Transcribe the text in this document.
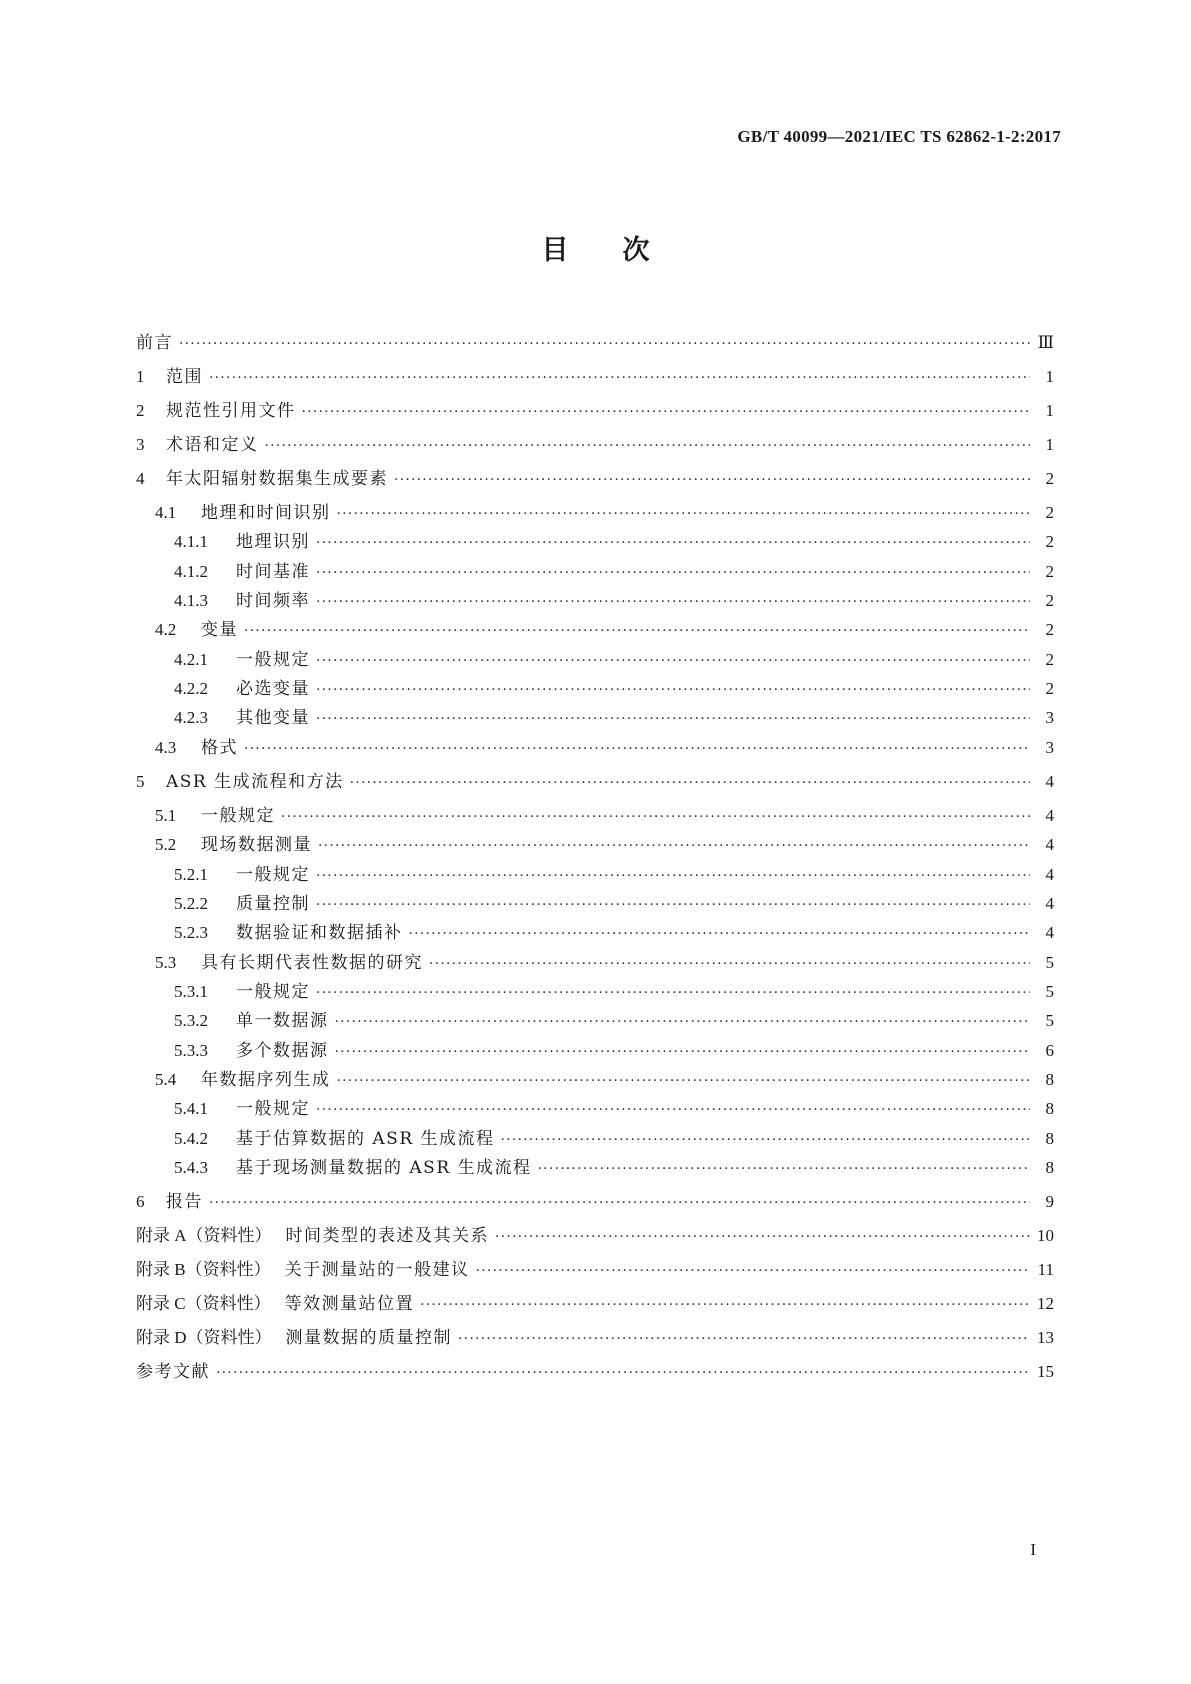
GB/T 40099—2021/IEC TS 62862-1-2:2017
目次
前言 ·····	Ⅲ
1	范围 ·····	1
2	规范性引用文件 ·····	1
3	术语和定义 ·····	1
4	年太阳辐射数据集生成要素 ·····	2
4.1	地理和时间识别 ·····	2
4.1.1	地理识别 ·····	2
4.1.2	时间基准 ·····	2
4.1.3	时间频率 ·····	2
4.2	变量 ·····	2
4.2.1	一般规定 ·····	2
4.2.2	必选变量 ·····	2
4.2.3	其他变量 ·····	3
4.3	格式 ·····	3
5	ASR 生成流程和方法 ·····	4
5.1	一般规定 ·····	4
5.2	现场数据测量 ·····	4
5.2.1	一般规定 ·····	4
5.2.2	质量控制 ·····	4
5.2.3	数据验证和数据插补 ·····	4
5.3	具有长期代表性数据的研究 ·····	5
5.3.1	一般规定 ·····	5
5.3.2	单一数据源 ·····	5
5.3.3	多个数据源 ·····	6
5.4	年数据序列生成 ·····	8
5.4.1	一般规定 ·····	8
5.4.2	基于估算数据的 ASR 生成流程 ·····	8
5.4.3	基于现场测量数据的 ASR 生成流程 ·····	8
6	报告 ·····	9
附录 A（资料性） 时间类型的表述及其关系 ·····	10
附录 B（资料性） 关于测量站的一般建议 ·····	11
附录 C（资料性） 等效测量站位置 ·····	12
附录 D（资料性） 测量数据的质量控制 ·····	13
参考文献 ·····	15
I
